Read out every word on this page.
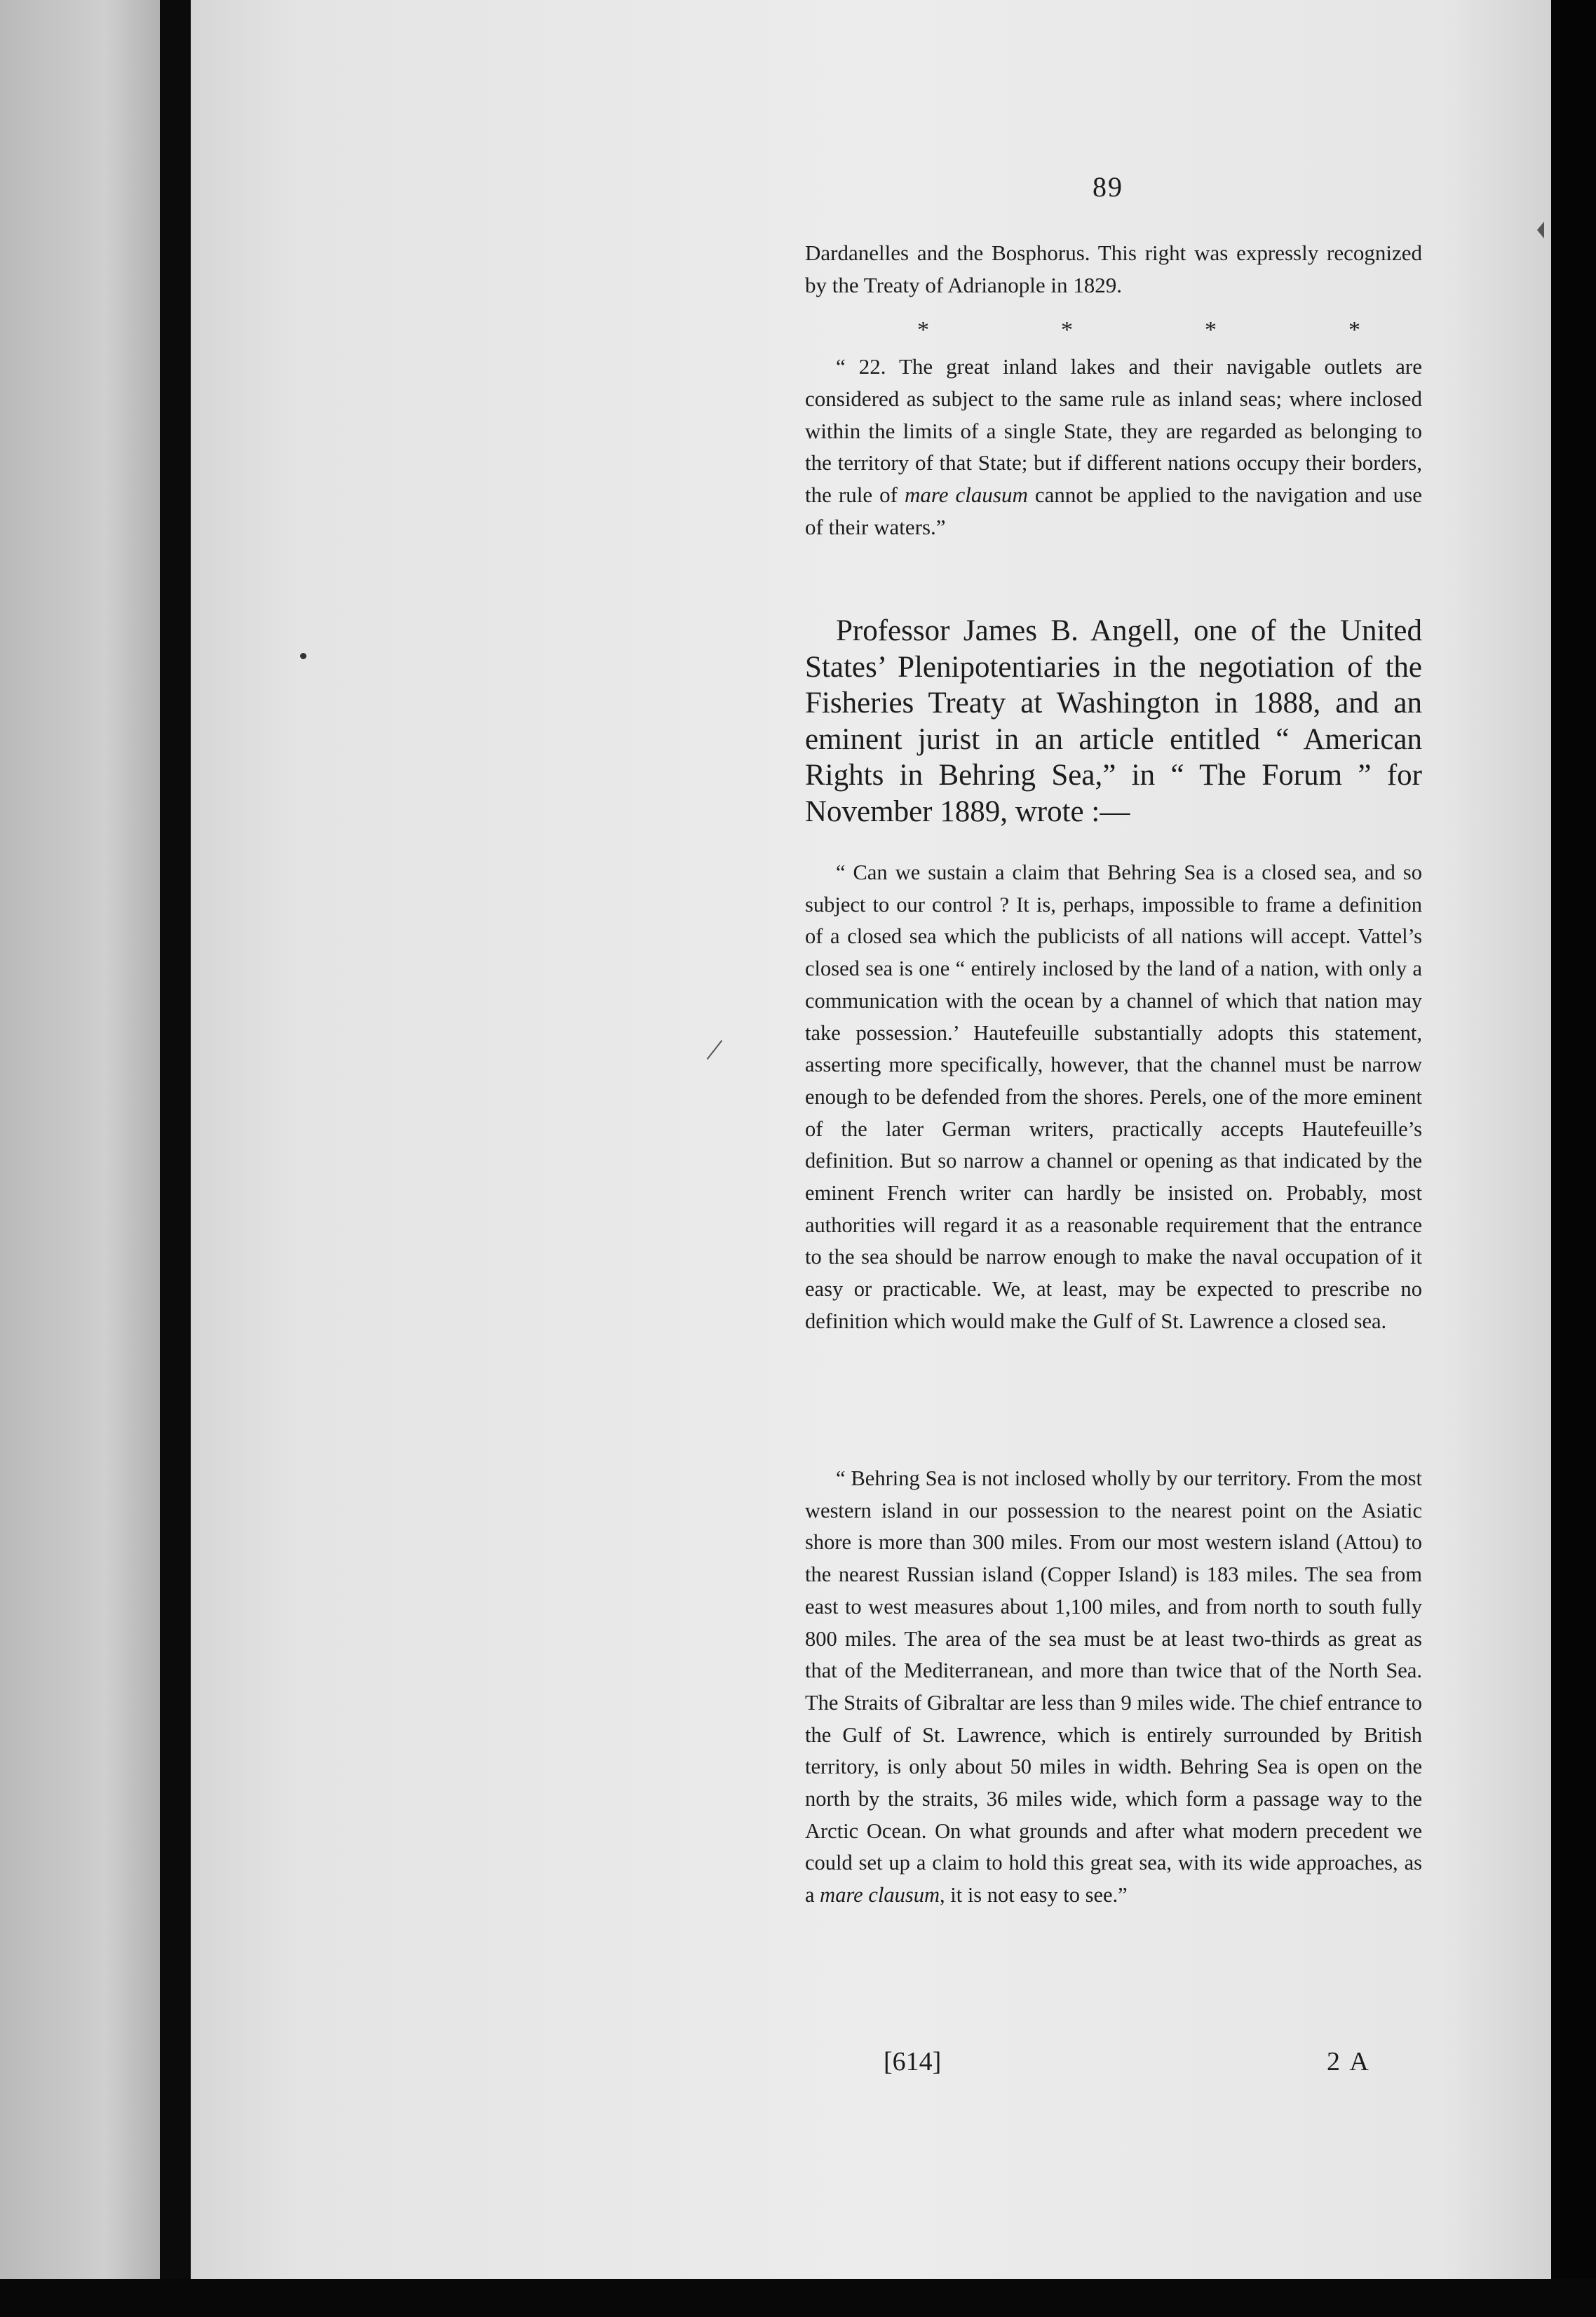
89

Dardanelles and the Bosphorus. This right was expressly recognized by the Treaty of Adrianople in 1829.

*	*	*	*

“ 22. The great inland lakes and their navigable outlets are considered as subject to the same rule as inland seas; where inclosed within the limits of a single State, they are regarded as belonging to the territory of that State; but if different nations occupy their borders, the rule of mare clausum cannot be applied to the navigation and use of their waters.”

Professor James B. Angell, one of the United States’ Plenipotentiaries in the negotiation of the Fisheries Treaty at Washington in 1888, and an eminent jurist in an article entitled “ American Rights in Behring Sea,” in “ The Forum ” for November 1889, wrote :—

“ Can we sustain a claim that Behring Sea is a closed sea, and so subject to our control ? It is, perhaps, impossible to frame a definition of a closed sea which the publicists of all nations will accept. Vattel’s closed sea is one “ entirely inclosed by the land of a nation, with only a communication with the ocean by a channel of which that nation may take possession.’ Hautefeuille substantially adopts this statement, asserting more specifically, however, that the channel must be narrow enough to be defended from the shores. Perels, one of the more eminent of the later German writers, practically accepts Hautefeuille’s definition. But so narrow a channel or opening as that indicated by the eminent French writer can hardly be insisted on. Probably, most authorities will regard it as a reasonable requirement that the entrance to the sea should be narrow enough to make the naval occupation of it easy or practicable. We, at least, may be expected to prescribe no definition which would make the Gulf of St. Lawrence a closed sea.

“ Behring Sea is not inclosed wholly by our territory. From the most western island in our possession to the nearest point on the Asiatic shore is more than 300 miles. From our most western island (Attou) to the nearest Russian island (Copper Island) is 183 miles. The sea from east to west measures about 1,100 miles, and from north to south fully 800 miles. The area of the sea must be at least two-thirds as great as that of the Mediterranean, and more than twice that of the North Sea. The Straits of Gibraltar are less than 9 miles wide. The chief entrance to the Gulf of St. Lawrence, which is entirely surrounded by British territory, is only about 50 miles in width. Behring Sea is open on the north by the straits, 36 miles wide, which form a passage way to the Arctic Ocean. On what grounds and after what modern precedent we could set up a claim to hold this great sea, with its wide approaches, as a mare clausum, it is not easy to see.”

[614]	2 A
